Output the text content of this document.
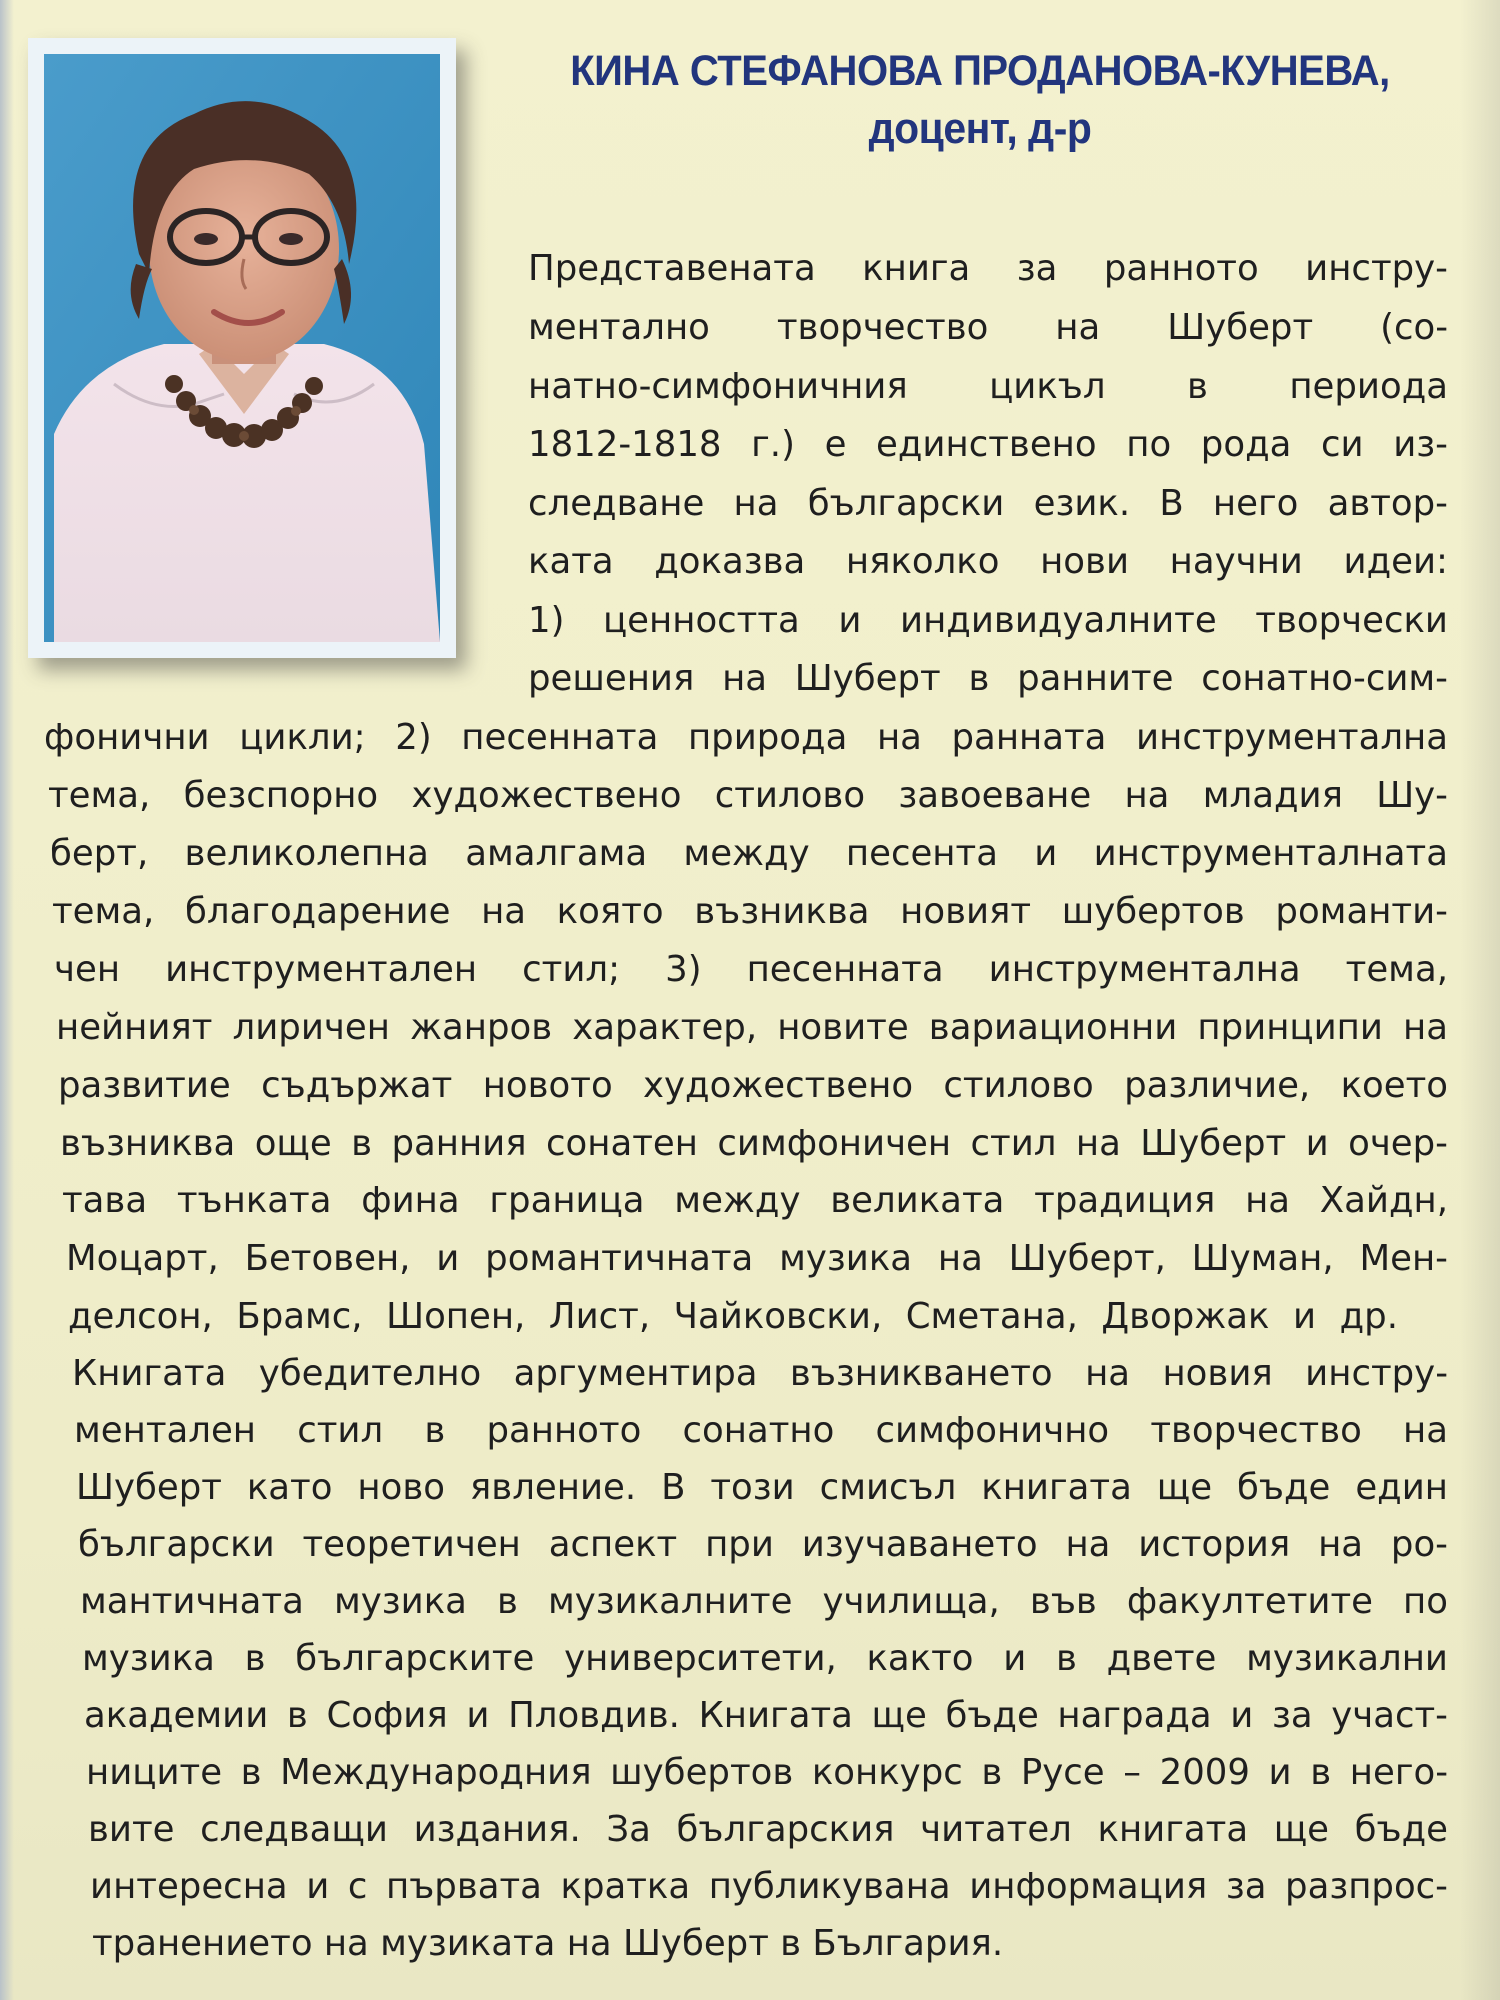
КИНА СТЕФАНОВА ПРОДАНОВА-КУНЕВА,
доцент, д-р
Представената книга за ранното инстру-
ментално творчество на Шуберт (со-
натно-симфоничния цикъл в периода
1812-1818 г.) е единствено по рода си из-
следване на български език. В него автор-
ката доказва няколко нови научни идеи:
1) ценността и индивидуалните творчески
решения на Шуберт в ранните сонатно-сим-
фонични цикли; 2) песенната природа на ранната инструментална
тема, безспорно художествено стилово завоеване на младия Шу-
берт, великолепна амалгама между песента и инструменталната
тема, благодарение на която възниква новият шубертов романти-
чен инструментален стил; 3) песенната инструментална тема,
нейният лиричен жанров характер, новите вариационни принципи на
развитие съдържат новото художествено стилово различие, което
възниква още в ранния сонатен симфоничен стил на Шуберт и очер-
тава тънката фина граница между великата традиция на Хайдн,
Моцарт, Бетовен, и романтичната музика на Шуберт, Шуман, Мен-
делсон, Брамс, Шопен, Лист, Чайковски, Сметана, Дворжак и др.
Книгата убедително аргументира възникването на новия инстру-
ментален стил в ранното сонатно симфонично творчество на
Шуберт като ново явление. В този смисъл книгата ще бъде един
български теоретичен аспект при изучаването на история на ро-
мантичната музика в музикалните училища, във факултетите по
музика в българските университети, както и в двете музикални
академии в София и Пловдив. Книгата ще бъде награда и за участ-
ниците в Международния шубертов конкурс в Русе – 2009 и в него-
вите следващи издания. За българския читател книгата ще бъде
интересна и с първата кратка публикувана информация за разпрос-
транението на музиката на Шуберт в България.
